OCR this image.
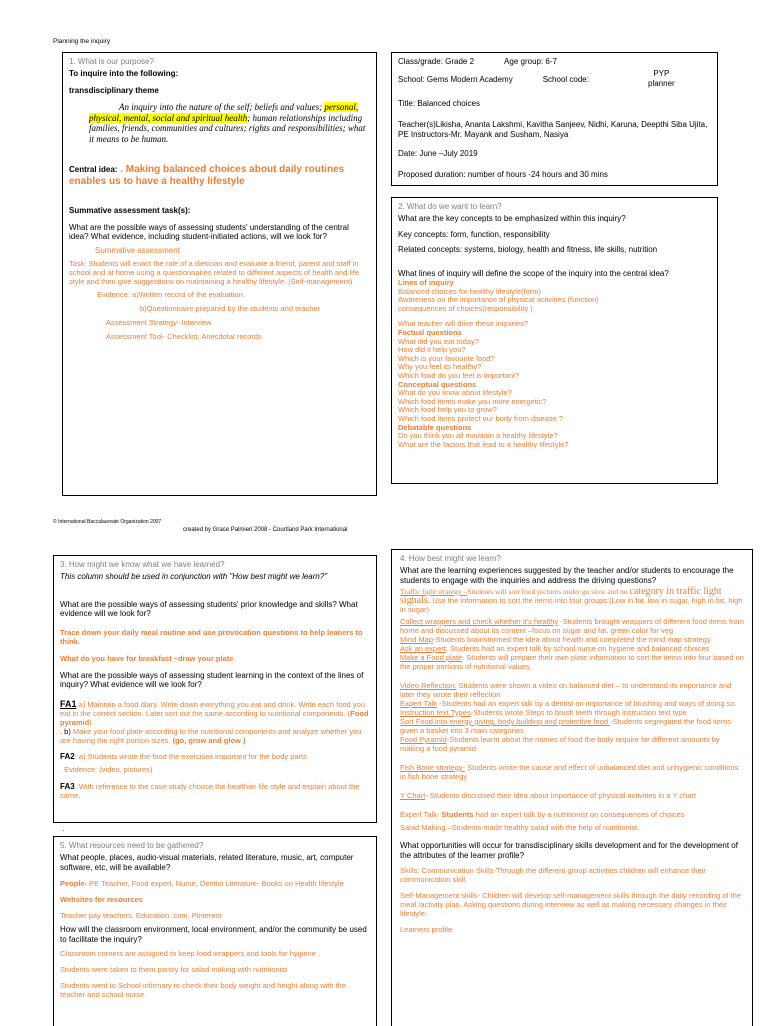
Planning the inquiry

1. What is our purpose?

To inquire into the following:

transdisciplinary theme

An inquiry into the nature of the self; beliefs and values; personal, physical, mental, social and spiritual health; human relationships including families, friends, communities and cultures; rights and responsibilities; what it means to be human.

Central idea: . Making balanced choices about daily routines enables us to have a healthy lifestyle

Summative assessment task(s):

What are the possible ways of assessing students' understanding of the central idea? What evidence, including student-initiated actions, will we look for?

Summative assessment

Task: Students will enact the role of a dietician and evaluate a friend, parent and staff in school and at home using a questionnaires related to different aspects of health and life style and then give suggestions on maintaining a healthy lifestyle. (Self-management)

Evidence: a)Written record of the evaluation.

b)Questionnaire prepared by the students and teacher

Assessment Strategy- Interview

Assessment Tool- Checklist, Anecdotal records

Class/grade: Grade 2	Age group: 6-7

School: Gems Modern Academy	School code:

PYP
planner

Title: Balanced choices

Teacher(s)Likisha, Ananta Lakshmi, Kavitha Sanjeev, Nidhi, Karuna, Deepthi Siba Ujita, PE Instructors-Mr. Mayank and Susham, Nasiya

Date: June –July 2019

Proposed duration: number of hours -24 hours and 30 mins

2. What do we want to learn?

What are the key concepts to be emphasized within this inquiry?

Key concepts: form, function, responsibility

Related concepts: systems, biology, health and fitness, life skills, nutrition

What lines of inquiry will define the scope of the inquiry into the central idea?

Lines of inquiry
Balanced choices for healthy lifestyle(form)
Awareness on the importance of physical activities (function)
consequences of choices(responsibility )
What teacher will drive these inquiries?
Factual questions
What did you eat today?
How did it help you?
Which is your favourite food?
Why you feel its healthy?
Which food do you feel is important?
Conceptual questions
What do you know about lifestyle?
Which food items make you more energetic?
Which food help you to grow?
Which food items protect our body from disease ?
Debatable questions
Do you think you all maintain a healthy lifestyle?
What are the factors that lead to a healthy lifestyle?
© International Baccalaureate Organization 2007
created by Grace Palmieri 2008 - Courtland Park International

3. How might we know what we have learned?

This column should be used in conjunction with "How best might we learn?"

What are the possible ways of assessing students' prior knowledge and skills? What evidence will we look for?

Trace down your daily meal routine and use provocation questions to help leaners to think.

What do you have for breakfast –draw your plate

What are the possible ways of assessing student learning in the context of the lines of inquiry? What evidence will we look for?

FA1 a) Maintain a food diary. Write down everything you eat and drink. Write each food you eat in the correct section. Later sort out the same according to nutritional components. (Food pyramid)

. b) Make your food plate according to the nutritional components and analyze whether you are having the right portion sizes. (go, grow and glow )

FA2: a) Students wrote the food the exercises important for the body parts

. Evidence: (video, pictures)

FA3 :With reference to the case-study choose the healthier life style and explain about the same.

.

5. What resources need to be gathered?

What people, places, audio-visual materials, related literature, music, art, computer software, etc, will be available?

People- PE Teacher, Food expert, Nurse, Dentist Literature- Books on Health lifestyle

Websites for resources

Teacher pay teachers, Education .com, Pinterest

How will the classroom environment, local environment, and/or the community be used to facilitate the inquiry?

Classroom corners are assigned to keep food wrappers and tools for hygiene .

Students were taken to them pantry for salad making with nutritionist

Students went to School infirmary to check their body weight and height along with the teacher and school nurse.

4. How best might we learn?

What are the learning experiences suggested by the teacher and/or students to encourage the students to engage with the inquiries and address the driving questions?

Traffic light strategy –Students will sort food pictures under go slow and no category in traffic light signals. Use the information to sort the items into four groups:(Low in fat, low in sugar, high in fat, high in sugar)

Collect wrappers and check whether it's healthy -Students brought wrappers of different food items from home and discussed about its content –focus on sugar and fat, green color for veg

Mind Map-Students brainstormed the idea about health and completed the mind map strategy

Ask an expert: Students had an expert talk by school nurse on hygiene and balanced choices

Make a Food plate: Students will prepare their own plate information to sort the items into four based on the proper portions of nutritional values.

Video Reflection: Students were shown a video on balanced diet – to understand its importance and later they wrote their reflection

Expert Talk -Students had an expert talk by a dentist on importance of brushing and ways of doing so.

Instruction text Types-Students wrote Steps to brush teeth through instruction text type

Sort Food into energy giving, body building and protective food -Students segregated the food items given a basket into 3 main categories

Food Pyramid-Students learnt about the names of food the body require for different amounts by making a food pyramid.

Fish Bone strategy- Students wrote the cause and effect of unbalanced diet and unhygienic conditions in fish bone strategy

Y Chart- Students discussed their idea about importance of physical activities in a Y chart

Expert Talk- Students had an expert talk by a nutritionist on consequences of choices

Salad Making –Students made healthy salad with the help of nutritionist.

What opportunities will occur for transdisciplinary skills development and for the development of the attributes of the learner profile?

Skills: Communication Skills-Through the different group activities children will enhance their communication skill.

Self-Management skills- Children will develop self-management skills through the daily recording of the meal /activity plan. Asking questions during interview as well as making necessary changes in their lifestyle.

Learners profile
